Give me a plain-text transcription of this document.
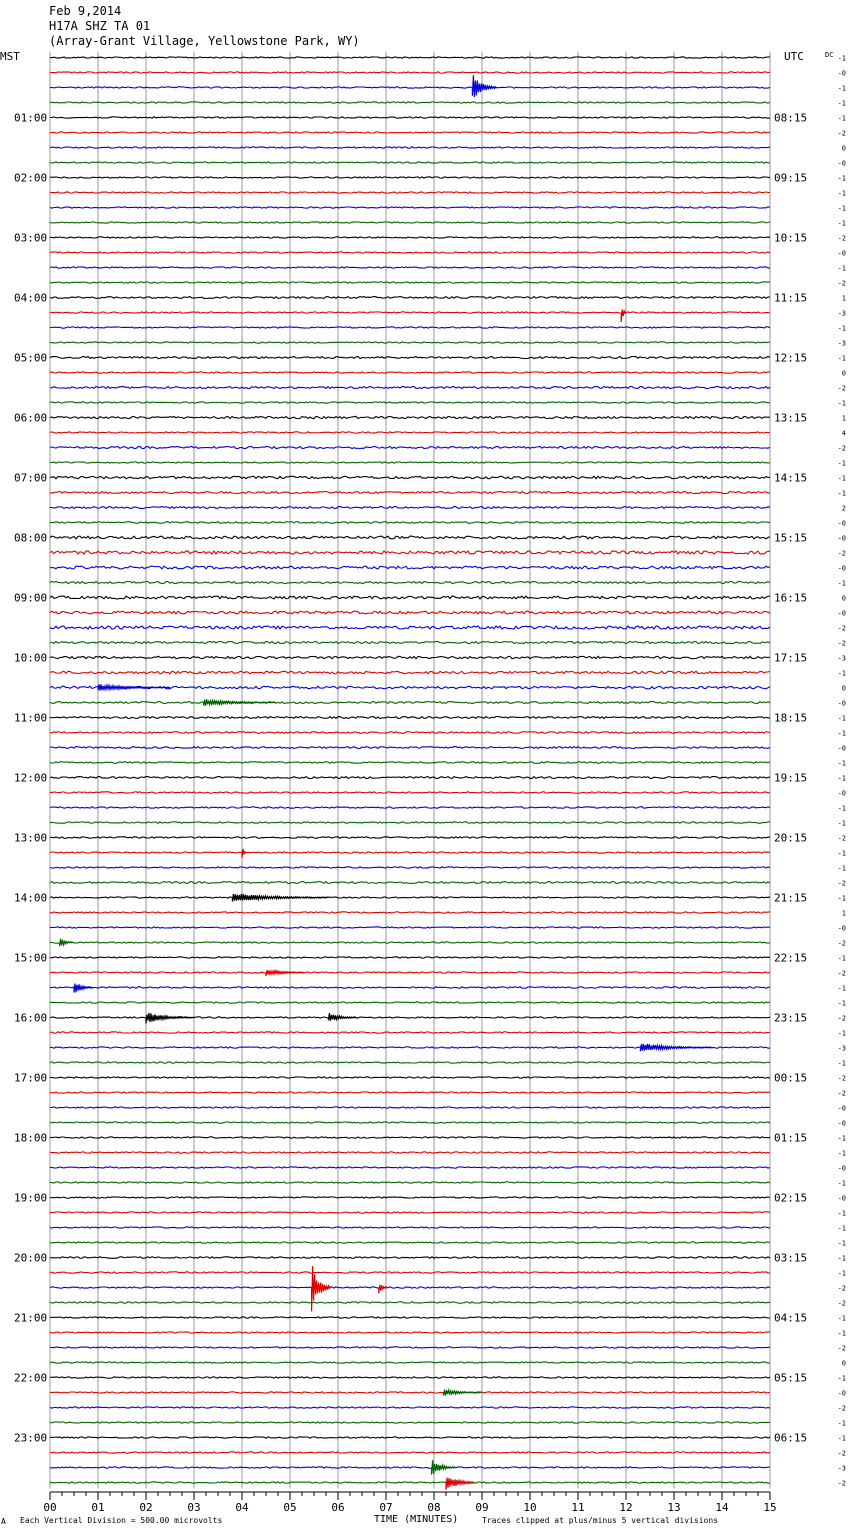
Feb 9,2014
H17A SHZ TA 01
(Array-Grant Village, Yellowstone Park, WY)
-1
-0
-1
-1
01:00	08:15	-1
-2
0
-0
02:00	09:15	-1
-1
-1
-1
03:00	10:15	-2
-0
-1
-2
04:00	11:15	1
-3
-1
-3
05:00	12:15	-1
0
-2
-1
06:00	13:15	1
4
-2
-1
07:00	14:15	-1
-1
2
-0
08:00	15:15	-0
-2
-0
-1
09:00	16:15	0
-0
-2
-2
10:00	17:15	-3
-1
0
-0
11:00	18:15	-1
-1
-0
-1
12:00	19:15	-1
-0
-1
-1
13:00	20:15	-2
-1
-1
-2
14:00	21:15	-1
1
-0
-2
15:00	22:15	-1
-2
-1
-1
16:00	23:15	-2
-1
-3
-1
17:00	00:15	-2
-2
-0
-0
18:00	01:15	-1
-1
-0
-1
19:00	02:15	-0
-1
-1
-1
20:00	03:15	-1
-1
-2
-2
21:00	04:15	-1
-1
-2
0
22:00	05:15	-1
-0
-2
-1
23:00	06:15	-1
-2
-3
-2
MST	UTC	DC
00	01	02	03	04	05	06	07	08	09	10	11	12	13	14	15
A Each Vertical Division = 500.00 microvolts	TIME (MINUTES)	Traces clipped at plus/minus 5 vertical divisions
